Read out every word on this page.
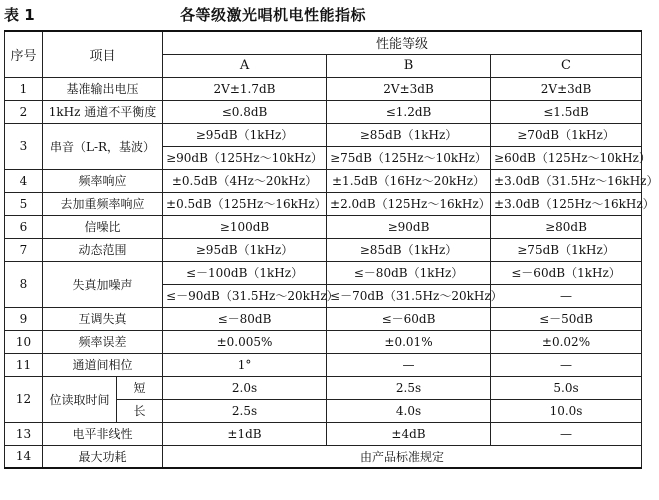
表 1	各等级激光唱机电性能指标
序号	项目		性能等级		
			A	B	C
1	基准输出电压		2V±1.7dB	2V±3dB	2V±3dB
2	1kHz 通道不平衡度		≤0.8dB	≤1.2dB	≤1.5dB
3	串音（L-R，基波）		≥95dB（1kHz）	≥85dB（1kHz）	≥70dB（1kHz）
			≥90dB（125Hz～10kHz）	≥75dB（125Hz～10kHz）	≥60dB（125Hz～10kHz）
4	频率响应		±0.5dB（4Hz～20kHz）	±1.5dB（16Hz～20kHz）	±3.0dB（31.5Hz～16kHz）
5	去加重频率响应		±0.5dB（125Hz～16kHz）	±2.0dB（125Hz～16kHz）	±3.0dB（125Hz～16kHz）
6	信噪比		≥100dB	≥90dB	≥80dB
7	动态范围		≥95dB（1kHz）	≥85dB（1kHz）	≥75dB（1kHz）
8	失真加噪声		≤－100dB（1kHz）	≤－80dB（1kHz）	≤－60dB（1kHz）
			≤－90dB（31.5Hz～20kHz）	≤－70dB（31.5Hz～20kHz）	—
9	互调失真		≤－80dB	≤－60dB	≤－50dB
10	频率误差		±0.005%	±0.01%	±0.02%
11	通道间相位		1°	—	—
12	位读取时间	短	2.0s	2.5s	5.0s
		长	2.5s	4.0s	10.0s
13	电平非线性		±1dB	±4dB	—
14	最大功耗		由产品标准规定		
